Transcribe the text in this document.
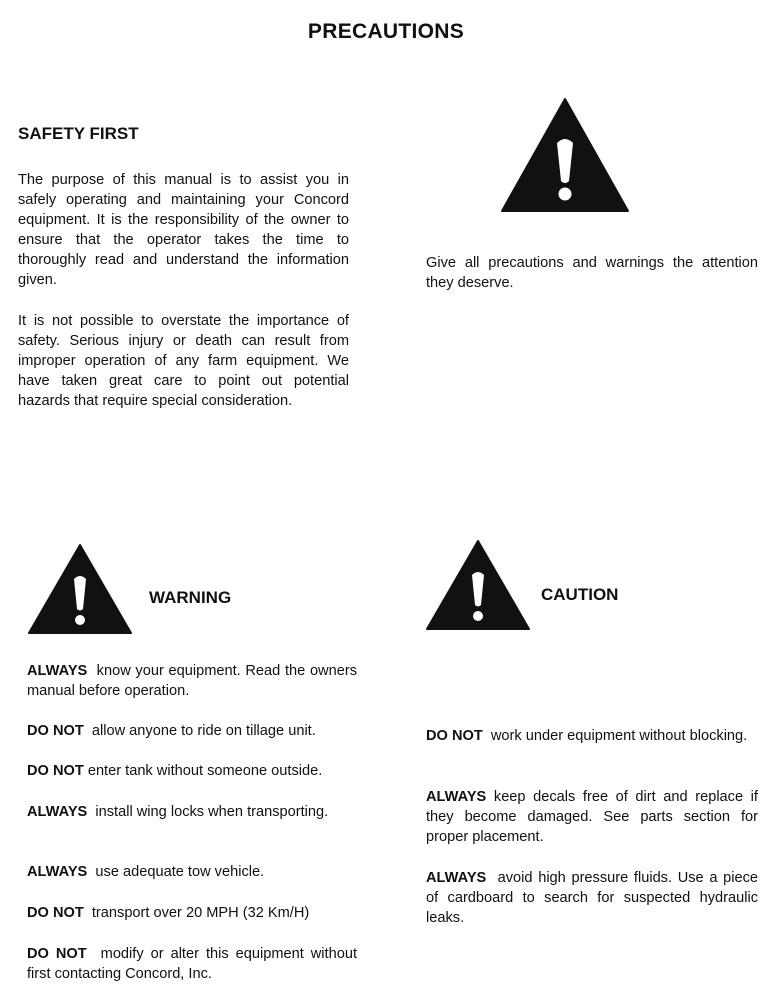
PRECAUTIONS
SAFETY FIRST
The purpose of this manual is to assist you in safely operating and maintaining your Concord equipment. It is the responsibility of the owner to ensure that the operator takes the time to thoroughly read and understand the information given.
It is not possible to overstate the importance of safety. Serious injury or death can result from improper operation of any farm equipment. We have taken great care to point out potential hazards that require special consideration.
Give all precautions and warnings the attention they deserve.
WARNING
ALWAYS know your equipment. Read the owners manual before operation.
DO NOT allow anyone to ride on tillage unit.
DO NOT enter tank without someone outside.
ALWAYS install wing locks when transporting.
ALWAYS use adequate tow vehicle.
DO NOT transport over 20 MPH (32 Km/H)
DO NOT modify or alter this equipment without first contacting Concord, Inc.
CAUTION
DO NOT work under equipment without blocking.
ALWAYS keep decals free of dirt and replace if they become damaged. See parts section for proper placement.
ALWAYS avoid high pressure fluids. Use a piece of cardboard to search for suspected hydraulic leaks.
